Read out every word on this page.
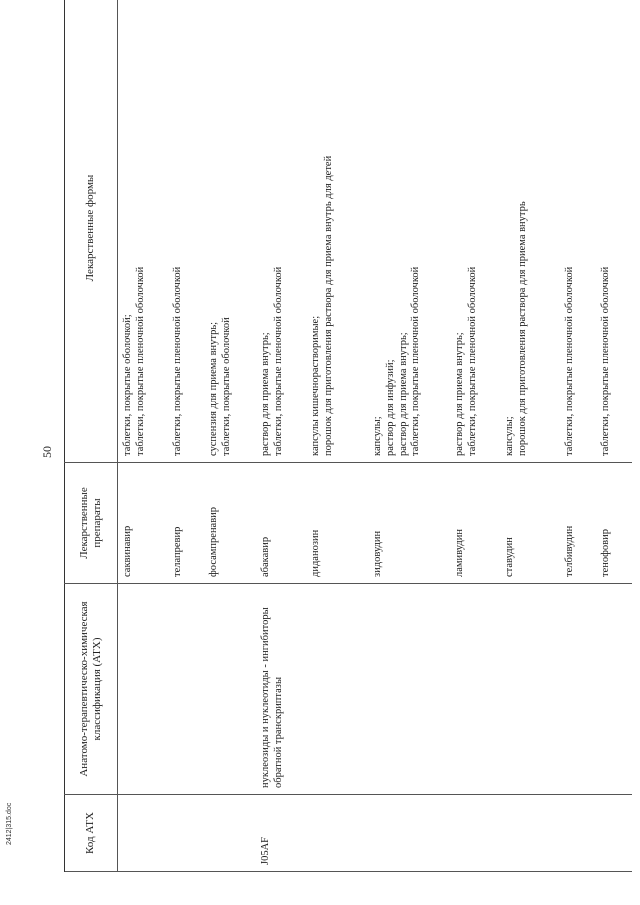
50
Код АТХ	Анатомо-терапевтическо-химическая классификация (АТХ)	Лекарственные препараты	Лекарственные формы
		саквинавир	таблетки, покрытые оболочкой; таблетки, покрытые пленочной оболочкой

		телапревир	таблетки, покрытые пленочной оболочкой

		фосампренавир	суспензия для приема внутрь; таблетки, покрытые оболочкой

J05AF	нуклеозиды и нуклеотиды - ингибиторы обратной транскриптазы	абакавир	раствор для приема внутрь; таблетки, покрытые пленочной оболочкой

		диданозин	капсулы кишечнорастворимые; порошок для приготовления раствора для приема внутрь для детей

		зидовудин	капсулы; раствор для инфузий; раствор для приема внутрь; таблетки, покрытые пленочной оболочкой

		ламивудин	раствор для приема внутрь; таблетки, покрытые пленочной оболочкой

		ставудин	капсулы; порошок для приготовления раствора для приема внутрь

		телбивудин	таблетки, покрытые пленочной оболочкой

		тенофовир	таблетки, покрытые пленочной оболочкой
2412|315.doc
